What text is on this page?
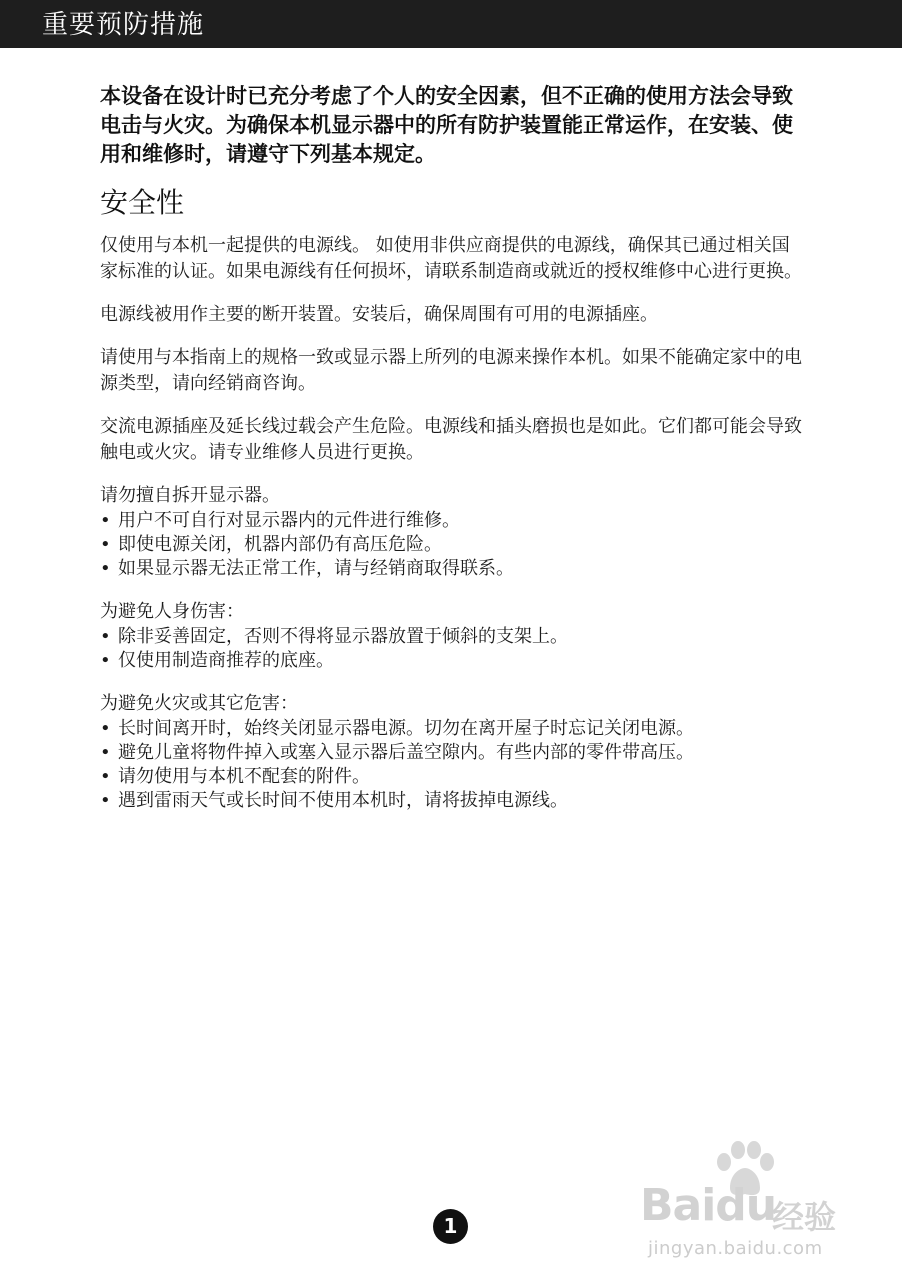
重要预防措施

本设备在设计时已充分考虑了个人的安全因素，但不正确的使用方法会导致电击与火灾。为确保本机显示器中的所有防护装置能正常运作，在安装、使用和维修时，请遵守下列基本规定。

安全性

仅使用与本机一起提供的电源线。 如使用非供应商提供的电源线，确保其已通过相关国家标准的认证。如果电源线有任何损坏，请联系制造商或就近的授权维修中心进行更换。

电源线被用作主要的断开装置。安装后，确保周围有可用的电源插座。

请使用与本指南上的规格一致或显示器上所列的电源来操作本机。如果不能确定家中的电源类型，请向经销商咨询。

交流电源插座及延长线过载会产生危险。电源线和插头磨损也是如此。它们都可能会导致触电或火灾。请专业维修人员进行更换。

请勿擅自拆开显示器。

• 用户不可自行对显示器内的元件进行维修。
• 即使电源关闭，机器内部仍有高压危险。
• 如果显示器无法正常工作，请与经销商取得联系。

为避免人身伤害：

• 除非妥善固定，否则不得将显示器放置于倾斜的支架上。
• 仅使用制造商推荐的底座。

为避免火灾或其它危害：

• 长时间离开时，始终关闭显示器电源。切勿在离开屋子时忘记关闭电源。
• 避免儿童将物件掉入或塞入显示器后盖空隙内。有些内部的零件带高压。
• 请勿使用与本机不配套的附件。
• 遇到雷雨天气或长时间不使用本机时，请将拔掉电源线。
Baidu
经验
jingyan.baidu.com
1
